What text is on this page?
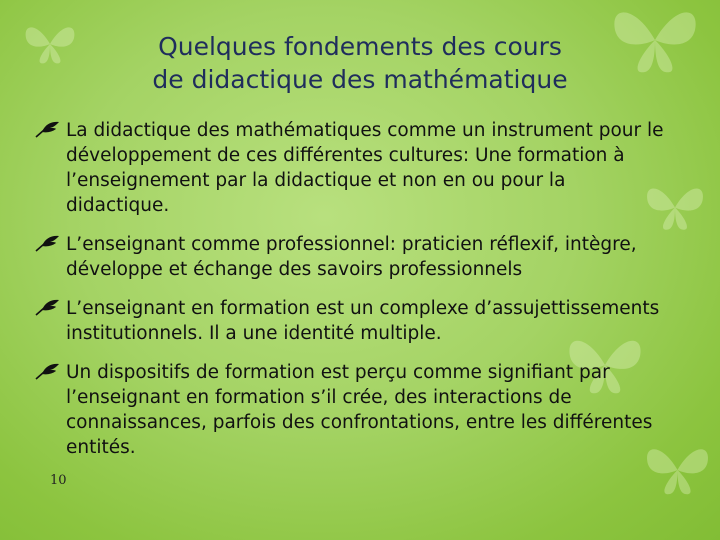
Quelques fondements des cours
de didactique des mathématique
La didactique des mathématiques comme un instrument pour le développement de ces différentes cultures: Une formation à l’enseignement par la didactique et non en ou pour la didactique.
L’enseignant comme professionnel: praticien réflexif, intègre, développe et échange des savoirs professionnels
L’enseignant en formation est un complexe d’assujettissements institutionnels. Il a une identité multiple.
Un dispositifs de formation est perçu comme signifiant par l’enseignant en formation s’il crée, des interactions de connaissances, parfois des confrontations, entre les différentes entités.
10
